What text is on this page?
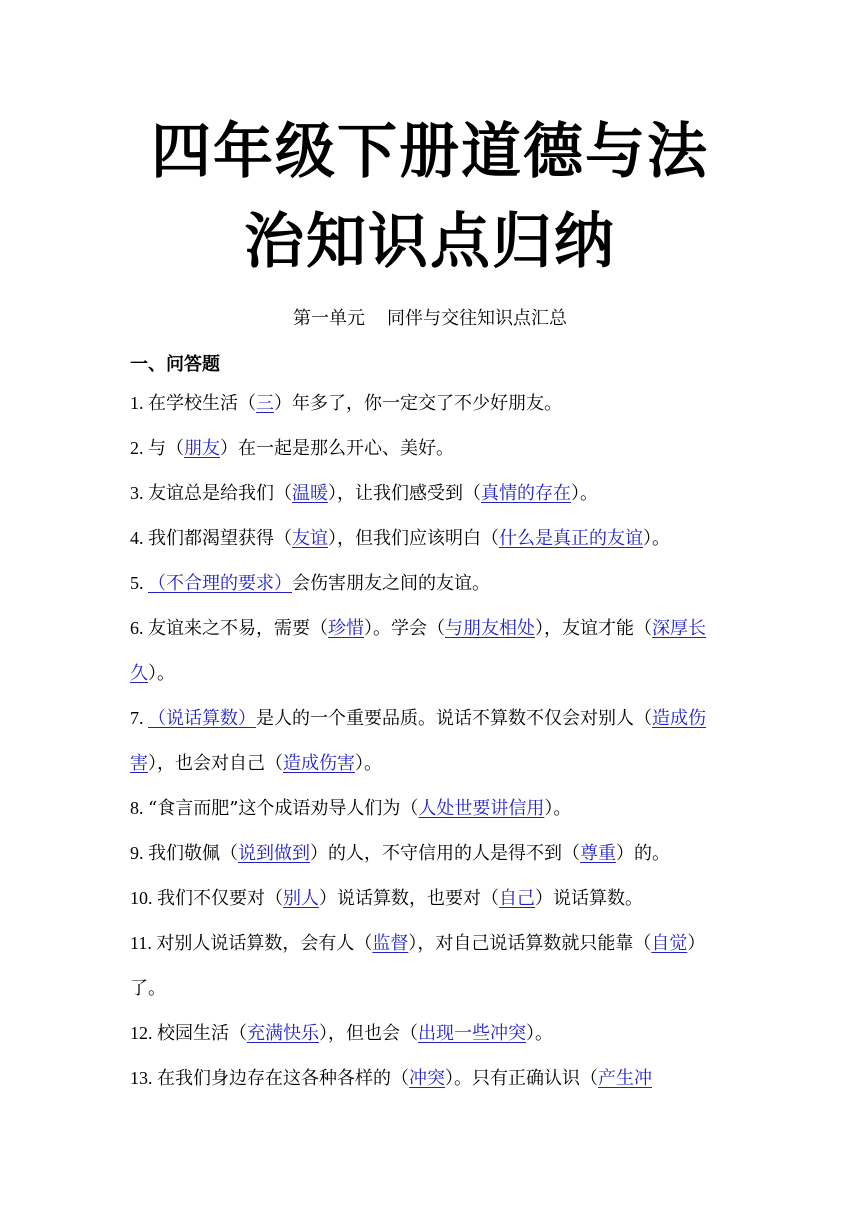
四年级下册道德与法
治知识点归纳
第一单元 同伴与交往知识点汇总
一、问答题
1. 在学校生活（三）年多了，你一定交了不少好朋友。
2. 与（朋友）在一起是那么开心、美好。
3. 友谊总是给我们（温暖），让我们感受到（真情的存在）。
4. 我们都渴望获得（友谊），但我们应该明白（什么是真正的友谊）。
5. （不合理的要求）会伤害朋友之间的友谊。
6. 友谊来之不易，需要（珍惜）。学会（与朋友相处），友谊才能（深厚长久）。
7. （说话算数）是人的一个重要品质。说话不算数不仅会对别人（造成伤害），也会对自己（造成伤害）。
8. “食言而肥”这个成语劝导人们为（人处世要讲信用）。
9. 我们敬佩（说到做到）的人，不守信用的人是得不到（尊重）的。
10. 我们不仅要对（别人）说话算数，也要对（自己）说话算数。
11. 对别人说话算数，会有人（监督），对自己说话算数就只能靠（自觉）了。
12. 校园生活（充满快乐），但也会（出现一些冲突）。
13. 在我们身边存在这各种各样的（冲突）。只有正确认识（产生冲
